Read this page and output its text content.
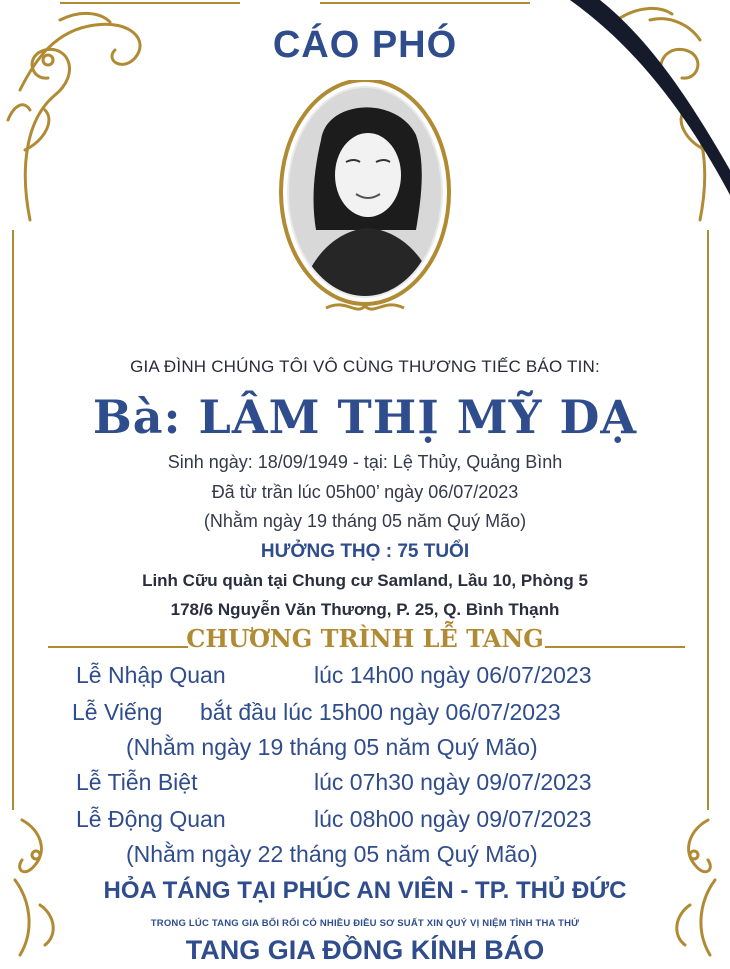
CÁO PHÓ
GIA ĐÌNH CHÚNG TÔI VÔ CÙNG THƯƠNG TIẾC BÁO TIN:
Bà: LÂM THỊ MỸ DẠ
Sinh ngày: 18/09/1949 - tại: Lệ Thủy, Quảng Bình
Đã từ trần lúc 05h00’ ngày 06/07/2023
(Nhằm ngày 19 tháng 05 năm Quý Mão)
HƯỞNG THỌ : 75 TUỔI
Linh Cữu quàn tại Chung cư Samland, Lầu 10, Phòng 5
178/6 Nguyễn Văn Thương, P. 25, Q. Bình Thạnh
CHƯƠNG TRÌNH LỄ TANG
Lễ Nhập Quan	lúc 14h00 ngày 06/07/2023
Lễ Viếng bắt đầu lúc 15h00 ngày 06/07/2023
(Nhằm ngày 19 tháng 05 năm Quý Mão)
Lễ Tiễn Biệt	lúc 07h30 ngày 09/07/2023
Lễ Động Quan	lúc 08h00 ngày 09/07/2023
(Nhằm ngày 22 tháng 05 năm Quý Mão)
HỎA TÁNG TẠI PHÚC AN VIÊN - TP. THỦ ĐỨC
TRONG LÚC TANG GIA BỐI RỐI CÓ NHIỀU ĐIỀU SƠ SUẤT XIN QUÝ VỊ NIỆM TÌNH THA THỨ
TANG GIA ĐỒNG KÍNH BÁO
